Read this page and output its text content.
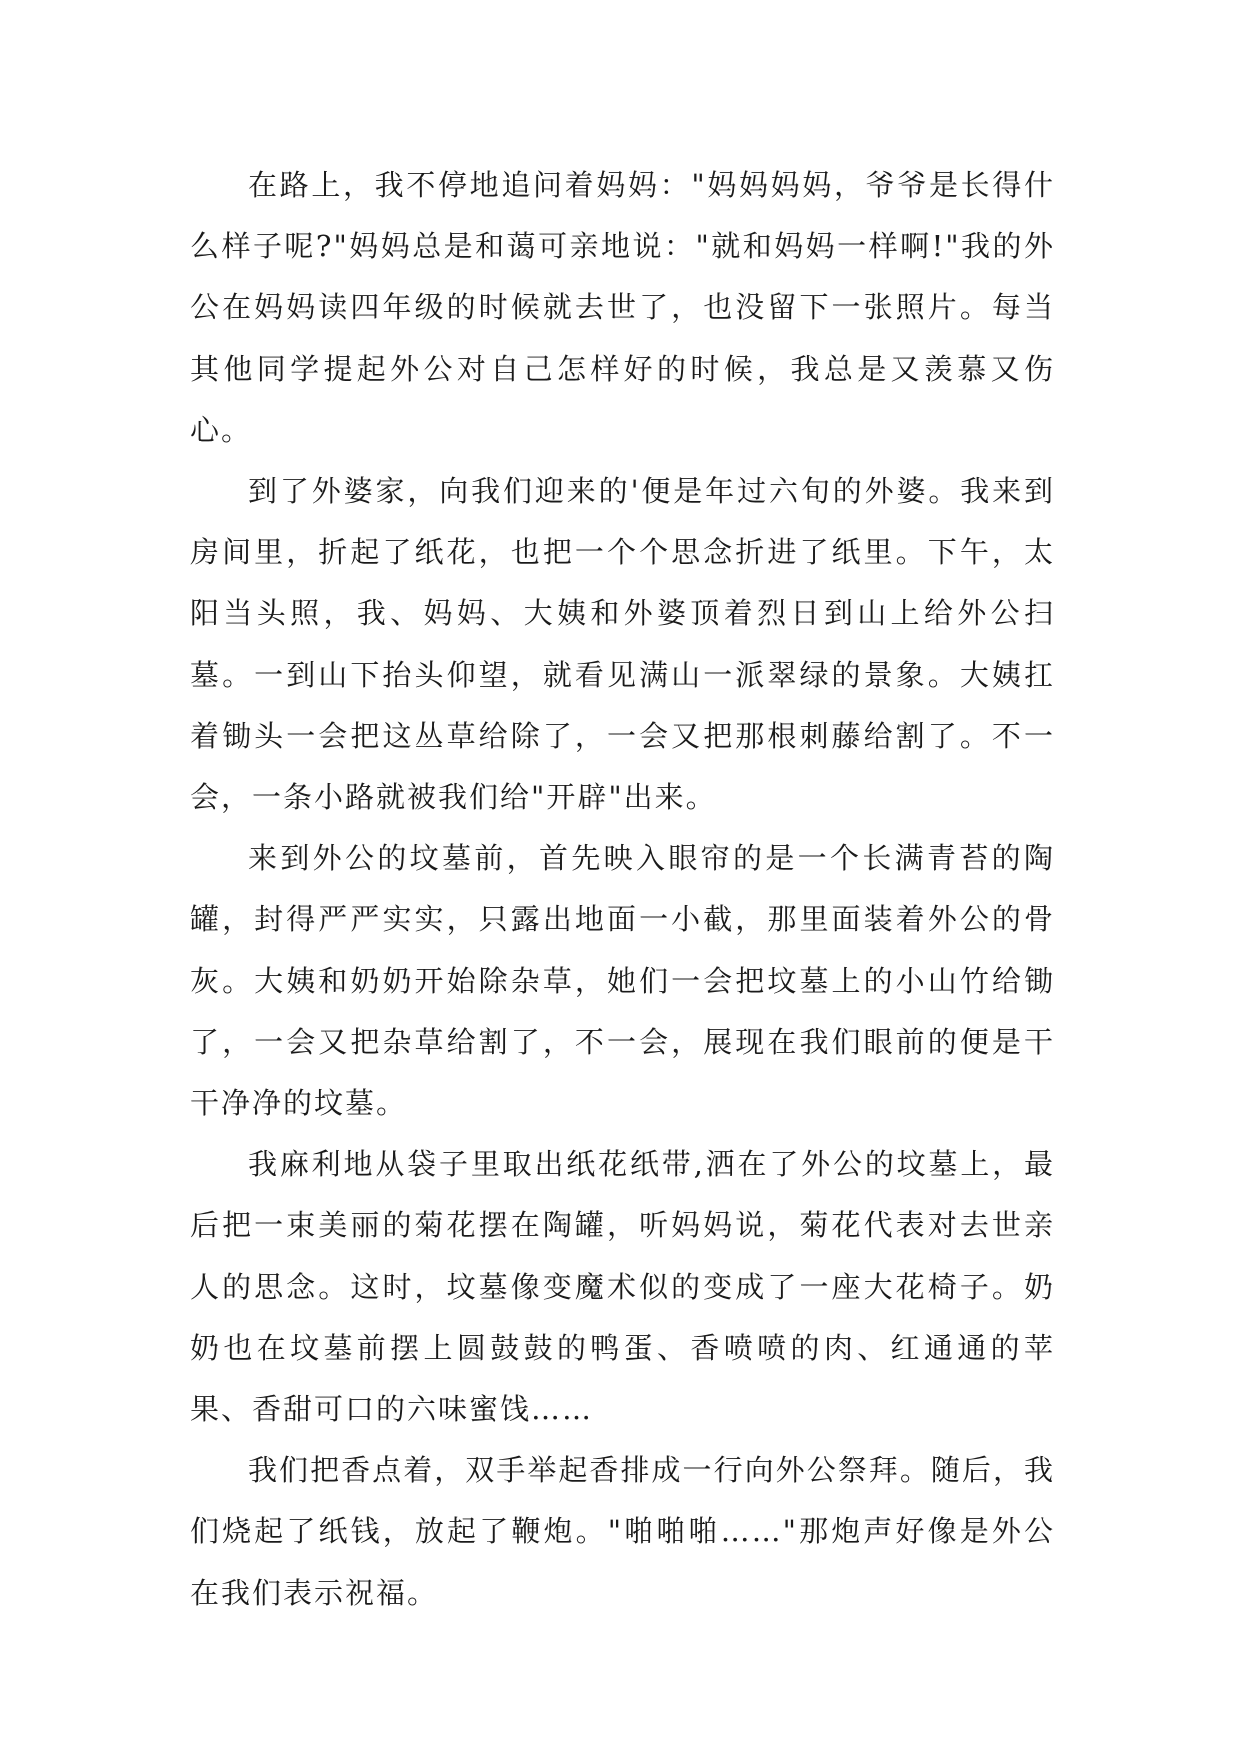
在路上，我不停地追问着妈妈："妈妈妈妈，爷爷是长得什么样子呢?"妈妈总是和蔼可亲地说："就和妈妈一样啊!"我的外公在妈妈读四年级的时候就去世了，也没留下一张照片。每当其他同学提起外公对自己怎样好的时候，我总是又羡慕又伤心。

到了外婆家，向我们迎来的'便是年过六旬的外婆。我来到房间里，折起了纸花，也把一个个思念折进了纸里。下午，太阳当头照，我、妈妈、大姨和外婆顶着烈日到山上给外公扫墓。一到山下抬头仰望，就看见满山一派翠绿的景象。大姨扛着锄头一会把这丛草给除了，一会又把那根刺藤给割了。不一会，一条小路就被我们给"开辟"出来。

来到外公的坟墓前，首先映入眼帘的是一个长满青苔的陶罐，封得严严实实，只露出地面一小截，那里面装着外公的骨灰。大姨和奶奶开始除杂草，她们一会把坟墓上的小山竹给锄了，一会又把杂草给割了，不一会，展现在我们眼前的便是干干净净的坟墓。

我麻利地从袋子里取出纸花纸带,洒在了外公的坟墓上，最后把一束美丽的菊花摆在陶罐，听妈妈说，菊花代表对去世亲人的思念。这时，坟墓像变魔术似的变成了一座大花椅子。奶奶也在坟墓前摆上圆鼓鼓的鸭蛋、香喷喷的肉、红通通的苹果、香甜可口的六味蜜饯……

我们把香点着，双手举起香排成一行向外公祭拜。随后，我们烧起了纸钱，放起了鞭炮。"啪啪啪……"那炮声好像是外公在我们表示祝福。
